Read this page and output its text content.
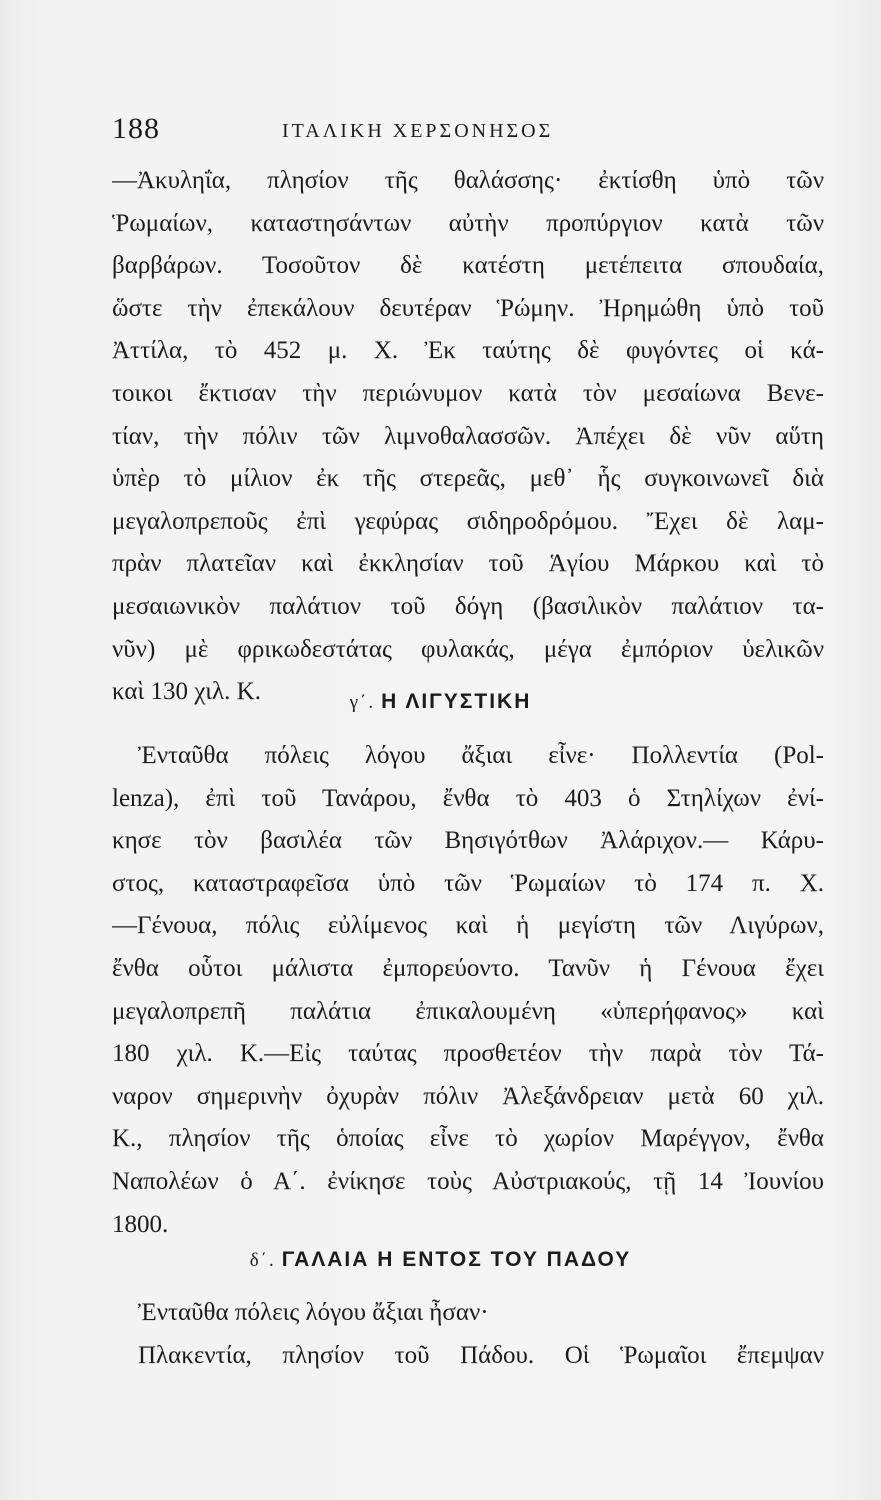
188	ΙΤΑΛΙΚΗ ΧΕΡΣΟΝΗΣΟΣ
—Ἀκυληΐα, πλησίον τῆς θαλάσσης· ἐκτίσθη ὑπὸ τῶν
Ῥωμαίων, καταστησάντων αὐτὴν προπύργιον κατὰ τῶν
βαρβάρων. Τοσοῦτον δὲ κατέστη μετέπειτα σπουδαία,
ὥστε τὴν ἐπεκάλουν δευτέραν Ῥώμην. Ἠρημώθη ὑπὸ τοῦ
Ἀττίλα, τὸ 452 μ. Χ. Ἐκ ταύτης δὲ φυγόντες οἱ κά-
τοικοι ἔκτισαν τὴν περιώνυμον κατὰ τὸν μεσαίωνα Βενε-
τίαν, τὴν πόλιν τῶν λιμνοθαλασσῶν. Ἀπέχει δὲ νῦν αὕτη
ὑπὲρ τὸ μίλιον ἐκ τῆς στερεᾶς, μεθ᾽ ἧς συγκοινωνεῖ διὰ
μεγαλοπρεποῦς ἐπὶ γεφύρας σιδηροδρόμου. Ἔχει δὲ λαμ-
πρὰν πλατεῖαν καὶ ἐκκλησίαν τοῦ Ἁγίου Μάρκου καὶ τὸ
μεσαιωνικὸν παλάτιον τοῦ δόγη (βασιλικὸν παλάτιον τα-
νῦν) μὲ φρικωδεστάτας φυλακάς, μέγα ἐμπόριον ὑελικῶν
καὶ 130 χιλ. Κ.	γ΄. Η ΛΙΓΥΣΤΙΚΗ
Ἐνταῦθα πόλεις λόγου ἄξιαι εἶνε· Πολλεντία (Pol-
lenza), ἐπὶ τοῦ Τανάρου, ἔνθα τὸ 403 ὁ Στηλίχων ἐνί-
κησε τὸν βασιλέα τῶν Βησιγότθων Ἀλάριχον.— Κάρυ-
στος, καταστραφεῖσα ὑπὸ τῶν Ῥωμαίων τὸ 174 π. Χ.
—Γένουα, πόλις εὐλίμενος καὶ ἡ μεγίστη τῶν Λιγύρων,
ἔνθα οὗτοι μάλιστα ἐμπορεύοντο. Τανῦν ἡ Γένουα ἔχει
μεγαλοπρεπῆ παλάτια ἐπικαλουμένη «ὑπερήφανος» καὶ
180 χιλ. Κ.—Εἰς ταύτας προσθετέον τὴν παρὰ τὸν Τά-
ναρον σημερινὴν ὀχυρὰν πόλιν Ἀλεξάνδρειαν μετὰ 60 χιλ.
Κ., πλησίον τῆς ὁποίας εἶνε τὸ χωρίον Μαρέγγον, ἔνθα
Ναπολέων ὁ Α΄. ἐνίκησε τοὺς Αὐστριακούς, τῇ 14 Ἰουνίου
1800.
δ΄. ΓΑΛΑΙΑ Η ΕΝΤΟΣ ΤΟΥ ΠΑΔΟΥ
Ἐνταῦθα πόλεις λόγου ἄξιαι ἦσαν·
Πλακεντία, πλησίον τοῦ Πάδου. Οἱ Ῥωμαῖοι ἔπεμψαν
